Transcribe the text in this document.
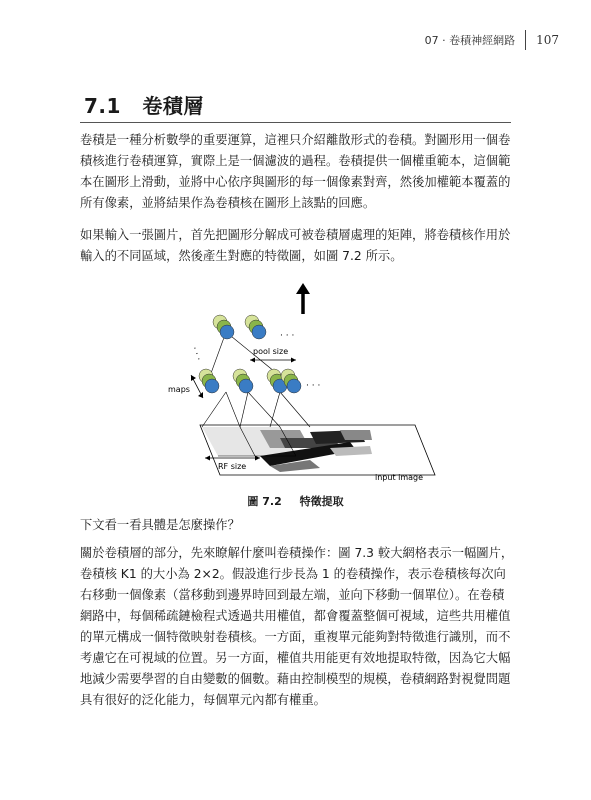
07 · 卷積神經網路 107
7.1 卷積層

卷積是一種分析數學的重要運算，這裡只介紹離散形式的卷積。對圖形用一個卷積核進行卷積運算，實際上是一個濾波的過程。卷積提供一個權重範本，這個範本在圖形上滑動，並將中心依序與圖形的每一個像素對齊，然後加權範本覆蓋的所有像素，並將結果作為卷積核在圖形上該點的回應。

如果輸入一張圖片，首先把圖形分解成可被卷積層處理的矩陣，將卷積核作用於輸入的不同區域，然後產生對應的特徵圖，如圖 7.2 所示。

RF size
input image
pool size
maps
· · ·
· · ·
· · ·
圖 7.2 特徵提取

下文看一看具體是怎麼操作？

關於卷積層的部分，先來瞭解什麼叫卷積操作：圖 7.3 較大網格表示一幅圖片，卷積核 K1 的大小為 2×2。假設進行步長為 1 的卷積操作，表示卷積核每次向右移動一個像素（當移動到邊界時回到最左端，並向下移動一個單位）。在卷積網路中，每個稀疏鏈檢程式透過共用權值，都會覆蓋整個可視域，這些共用權值的單元構成一個特徵映射卷積核。一方面，重複單元能夠對特徵進行識別，而不考慮它在可視域的位置。另一方面，權值共用能更有效地提取特徵，因為它大幅地減少需要學習的自由變數的個數。藉由控制模型的規模，卷積網路對視覺問題具有很好的泛化能力，每個單元內都有權重。
